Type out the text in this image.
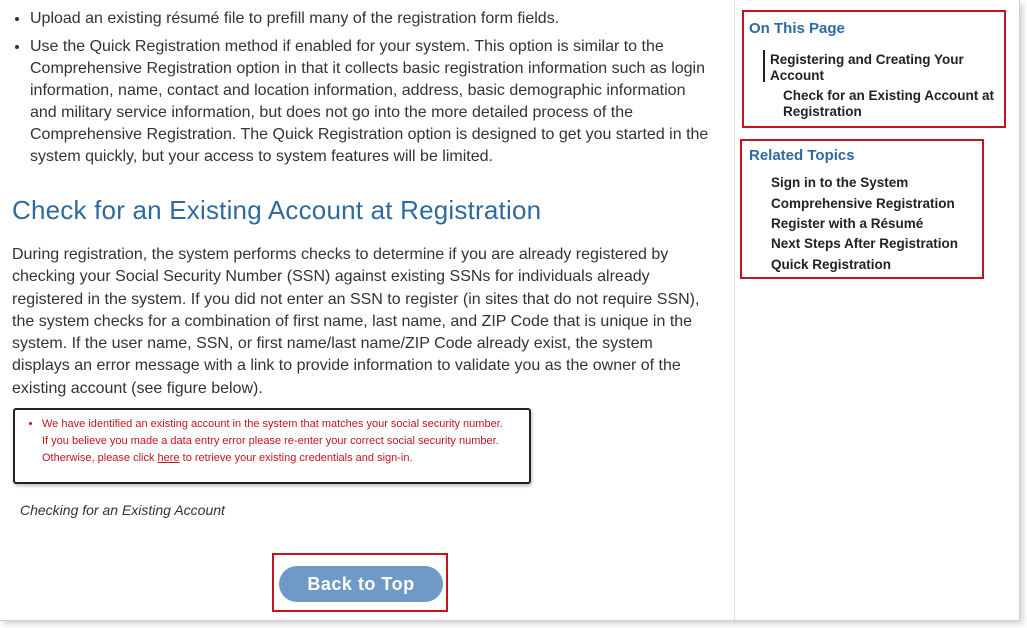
• Upload an existing résumé file to prefill many of the registration form fields.
• Use the Quick Registration method if enabled for your system. This option is similar to the Comprehensive Registration option in that it collects basic registration information such as login information, name, contact and location information, address, basic demographic information and military service information, but does not go into the more detailed process of the Comprehensive Registration. The Quick Registration option is designed to get you started in the system quickly, but your access to system features will be limited.
Check for an Existing Account at Registration

During registration, the system performs checks to determine if you are already registered by checking your Social Security Number (SSN) against existing SSNs for individuals already registered in the system. If you did not enter an SSN to register (in sites that do not require SSN), the system checks for a combination of first name, last name, and ZIP Code that is unique in the system. If the user name, SSN, or first name/last name/ZIP Code already exist, the system displays an error message with a link to provide information to validate you as the owner of the existing account (see figure below).

• We have identified an existing account in the system that matches your social security number.
If you believe you made a data entry error please re-enter your correct social security number.
Otherwise, please click here to retrieve your existing credentials and sign-in.

Checking for an Existing Account

Back to Top

On This Page

Registering and Creating Your
Account
Check for an Existing Account at
Registration

Related Topics

Sign in to the System
Comprehensive Registration
Register with a Résumé
Next Steps After Registration
Quick Registration
